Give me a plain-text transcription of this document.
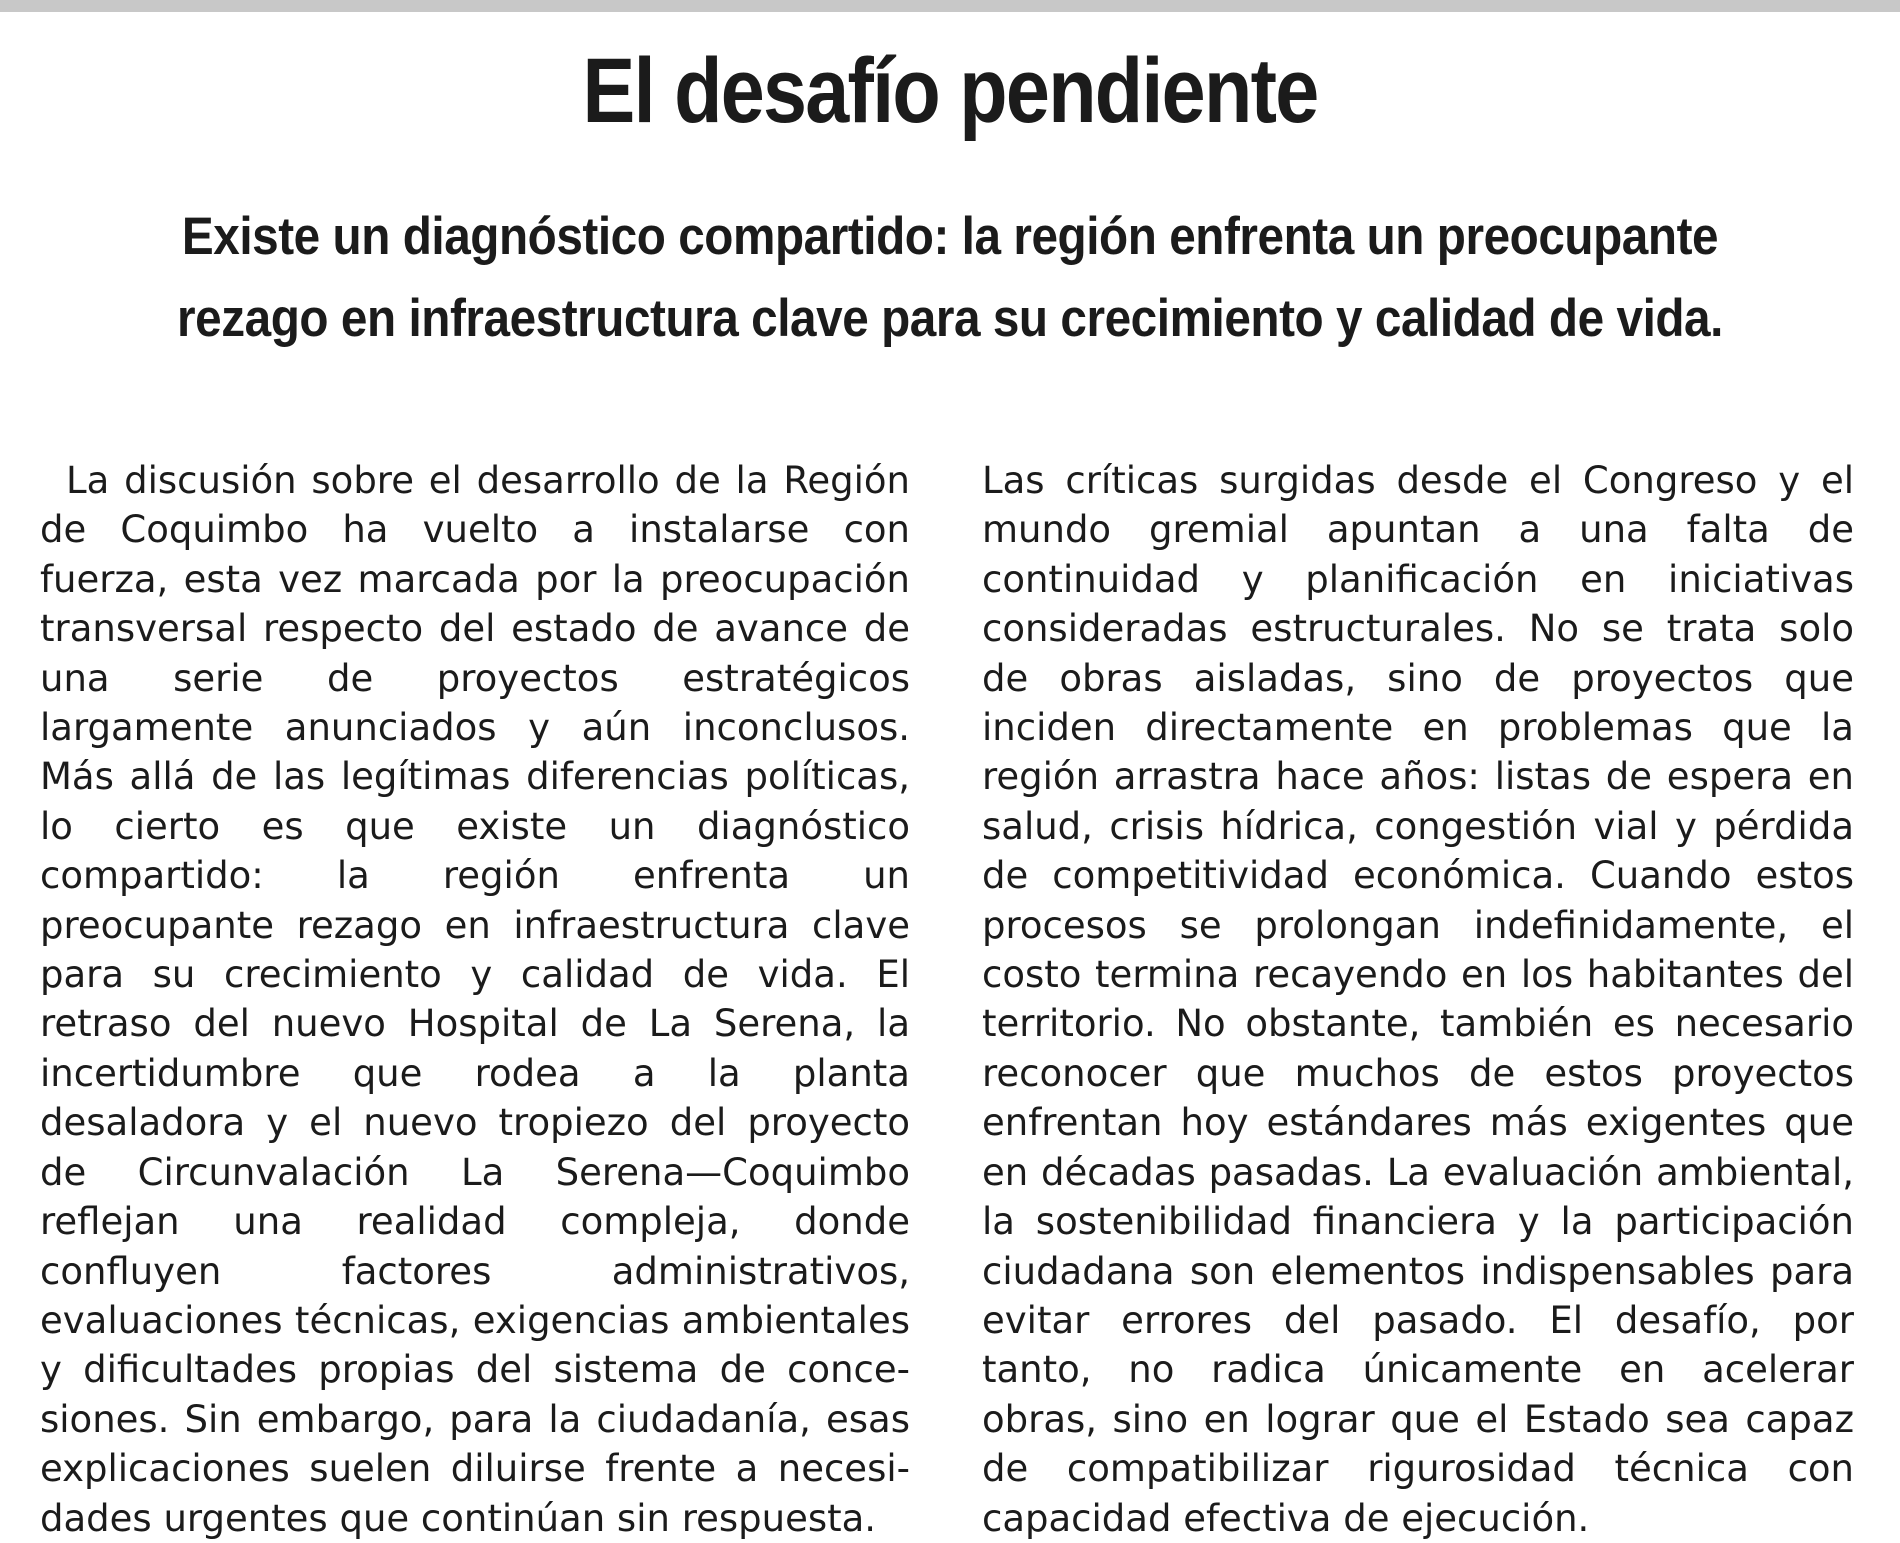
El desafío pendiente
Existe un diagnóstico compartido: la región enfrenta un preocupante rezago en infraestructura clave para su crecimiento y calidad de vida.

La discusión sobre el desarrollo de la Región de Coquimbo ha vuelto a instalarse con fuerza, esta vez marcada por la preocupación transversal respecto del estado de avance de una serie de proyectos estratégicos largamente anunciados y aún inconclusos. Más allá de las legítimas diferencias políticas, lo cierto es que existe un diagnóstico compartido: la región enfrenta un preocupante rezago en infraestructura clave para su crecimiento y calidad de vida. El retraso del nuevo Hospital de La Serena, la incertidumbre que rodea a la planta desaladora y el nuevo tropiezo del proyecto de Circunvalación La Serena—Coquimbo reflejan una realidad compleja, donde confluyen factores administrativos, evaluaciones técnicas, exigencias ambientales y dificultades propias del sistema de concesiones. Sin embargo, para la ciudadanía, esas explicaciones suelen diluirse frente a necesidades urgentes que continúan sin respuesta.

Las críticas surgidas desde el Congreso y el mundo gremial apuntan a una falta de continuidad y planificación en iniciativas consideradas estructurales. No se trata solo de obras aisladas, sino de proyectos que inciden directamente en problemas que la región arrastra hace años: listas de espera en salud, crisis hídrica, congestión vial y pérdida de competitividad económica. Cuando estos procesos se prolongan indefinidamente, el costo termina recayendo en los habitantes del territorio. No obstante, también es necesario reconocer que muchos de estos proyectos enfrentan hoy estándares más exigentes que en décadas pasadas. La evaluación ambiental, la sostenibilidad financiera y la participación ciudadana son elementos indispensables para evitar errores del pasado. El desafío, por tanto, no radica únicamente en acelerar obras, sino en lograr que el Estado sea capaz de compatibilizar rigurosidad técnica con capacidad efectiva de ejecución.
